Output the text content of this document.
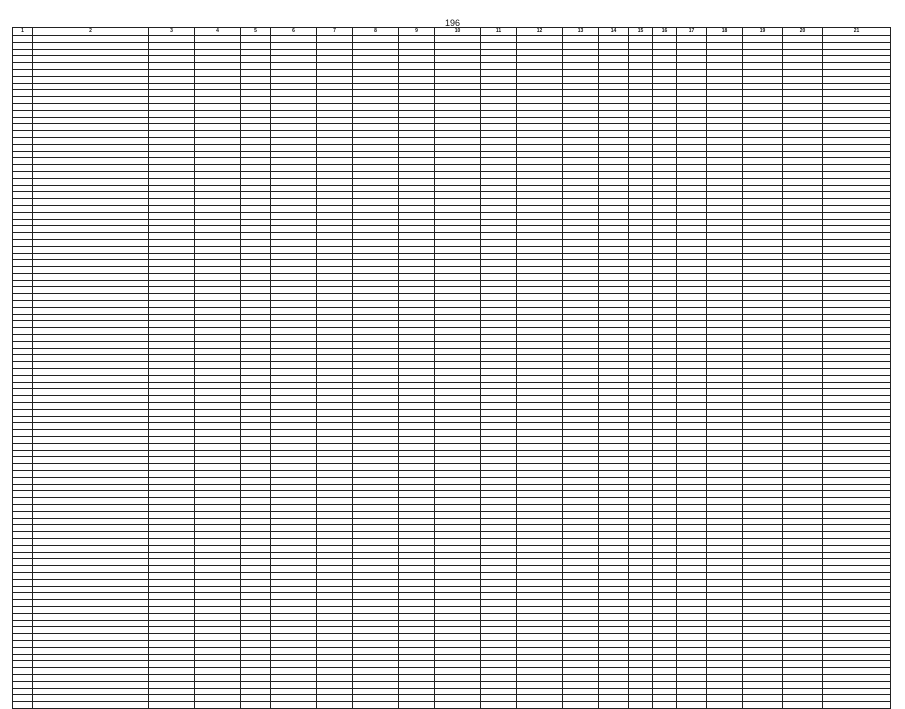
196
1	2	3	4	5	6	7	8	9	10	11	12	13	14	15	16	17	18	19	20	21
